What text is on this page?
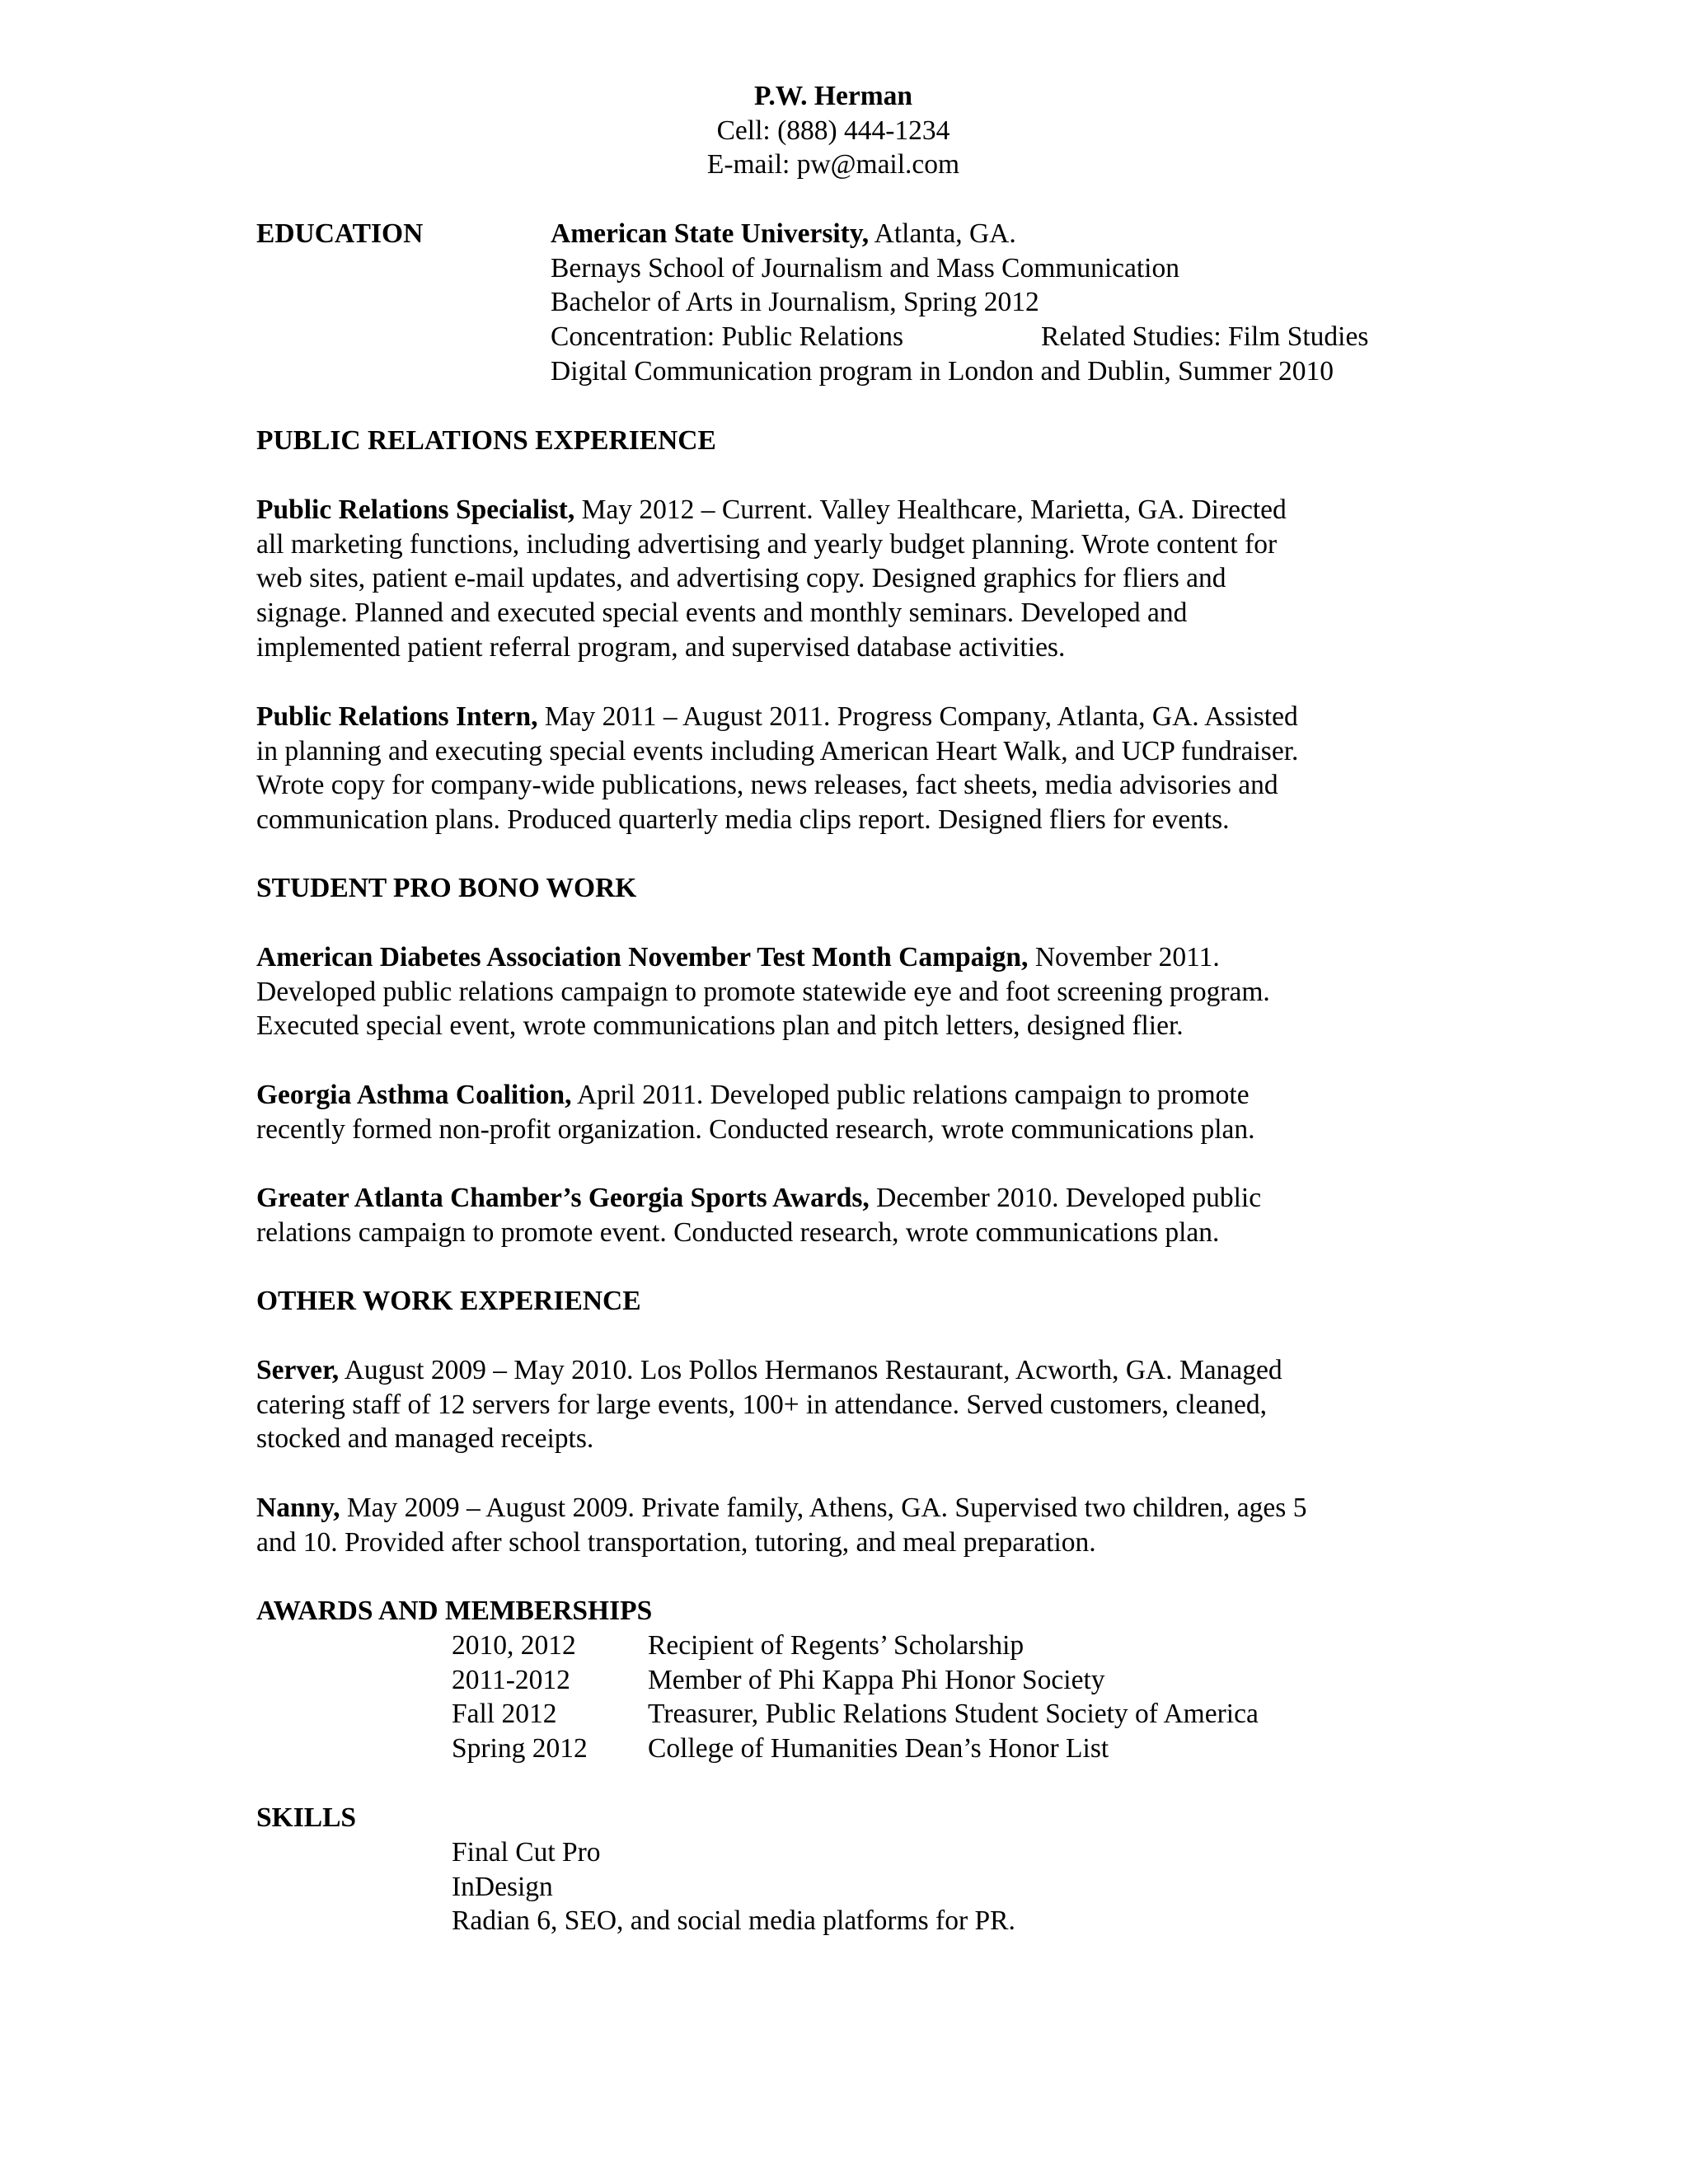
P.W. Herman
Cell: (888) 444-1234
E-mail: pw@mail.com
EDUCATION	American State University, Atlanta, GA.
Bernays School of Journalism and Mass Communication
Bachelor of Arts in Journalism, Spring 2012
Concentration: Public Relations	Related Studies: Film Studies
Digital Communication program in London and Dublin, Summer 2010
PUBLIC RELATIONS EXPERIENCE
Public Relations Specialist, May 2012 – Current. Valley Healthcare, Marietta, GA. Directed
all marketing functions, including advertising and yearly budget planning. Wrote content for
web sites, patient e-mail updates, and advertising copy. Designed graphics for fliers and
signage. Planned and executed special events and monthly seminars. Developed and
implemented patient referral program, and supervised database activities.
Public Relations Intern, May 2011 – August 2011. Progress Company, Atlanta, GA. Assisted
in planning and executing special events including American Heart Walk, and UCP fundraiser.
Wrote copy for company-wide publications, news releases, fact sheets, media advisories and
communication plans. Produced quarterly media clips report. Designed fliers for events.
STUDENT PRO BONO WORK
American Diabetes Association November Test Month Campaign, November 2011.
Developed public relations campaign to promote statewide eye and foot screening program.
Executed special event, wrote communications plan and pitch letters, designed flier.
Georgia Asthma Coalition, April 2011. Developed public relations campaign to promote
recently formed non-profit organization. Conducted research, wrote communications plan.
Greater Atlanta Chamber’s Georgia Sports Awards, December 2010. Developed public
relations campaign to promote event. Conducted research, wrote communications plan.
OTHER WORK EXPERIENCE
Server, August 2009 – May 2010. Los Pollos Hermanos Restaurant, Acworth, GA. Managed
catering staff of 12 servers for large events, 100+ in attendance. Served customers, cleaned,
stocked and managed receipts.
Nanny, May 2009 – August 2009. Private family, Athens, GA. Supervised two children, ages 5
and 10. Provided after school transportation, tutoring, and meal preparation.
AWARDS AND MEMBERSHIPS
2010, 2012	Recipient of Regents’ Scholarship
2011-2012	Member of Phi Kappa Phi Honor Society
Fall 2012	Treasurer, Public Relations Student Society of America
Spring 2012 College of Humanities Dean’s Honor List
SKILLS
Final Cut Pro
InDesign
Radian 6, SEO, and social media platforms for PR.
